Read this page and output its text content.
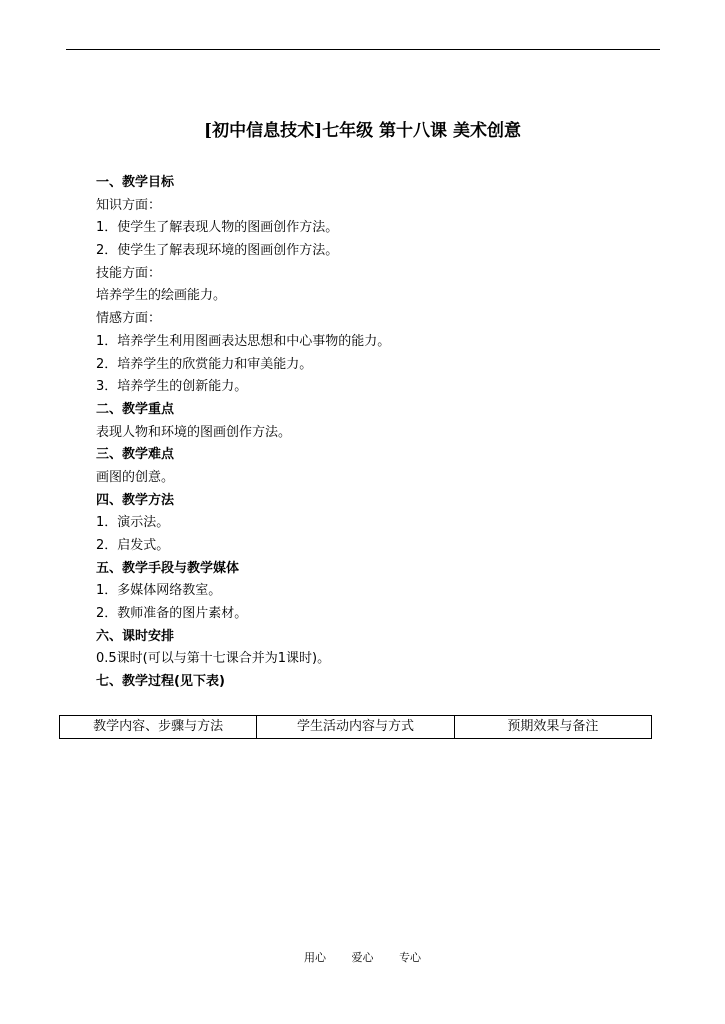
[初中信息技术]七年级 第十八课 美术创意
一、教学目标
知识方面：
1．使学生了解表现人物的图画创作方法。
2．使学生了解表现环境的图画创作方法。
技能方面：
培养学生的绘画能力。
情感方面：
1．培养学生利用图画表达思想和中心事物的能力。
2．培养学生的欣赏能力和审美能力。
3．培养学生的创新能力。
二、教学重点
表现人物和环境的图画创作方法。
三、教学难点
画图的创意。
四、教学方法
1．演示法。
2．启发式。
五、教学手段与教学媒体
1．多媒体网络教室。
2．教师准备的图片素材。
六、课时安排
0.5课时(可以与第十七课合并为1课时)。
七、教学过程(见下表)
教学内容、步骤与方法	学生活动内容与方式	预期效果与备注
用心 爱心 专心
